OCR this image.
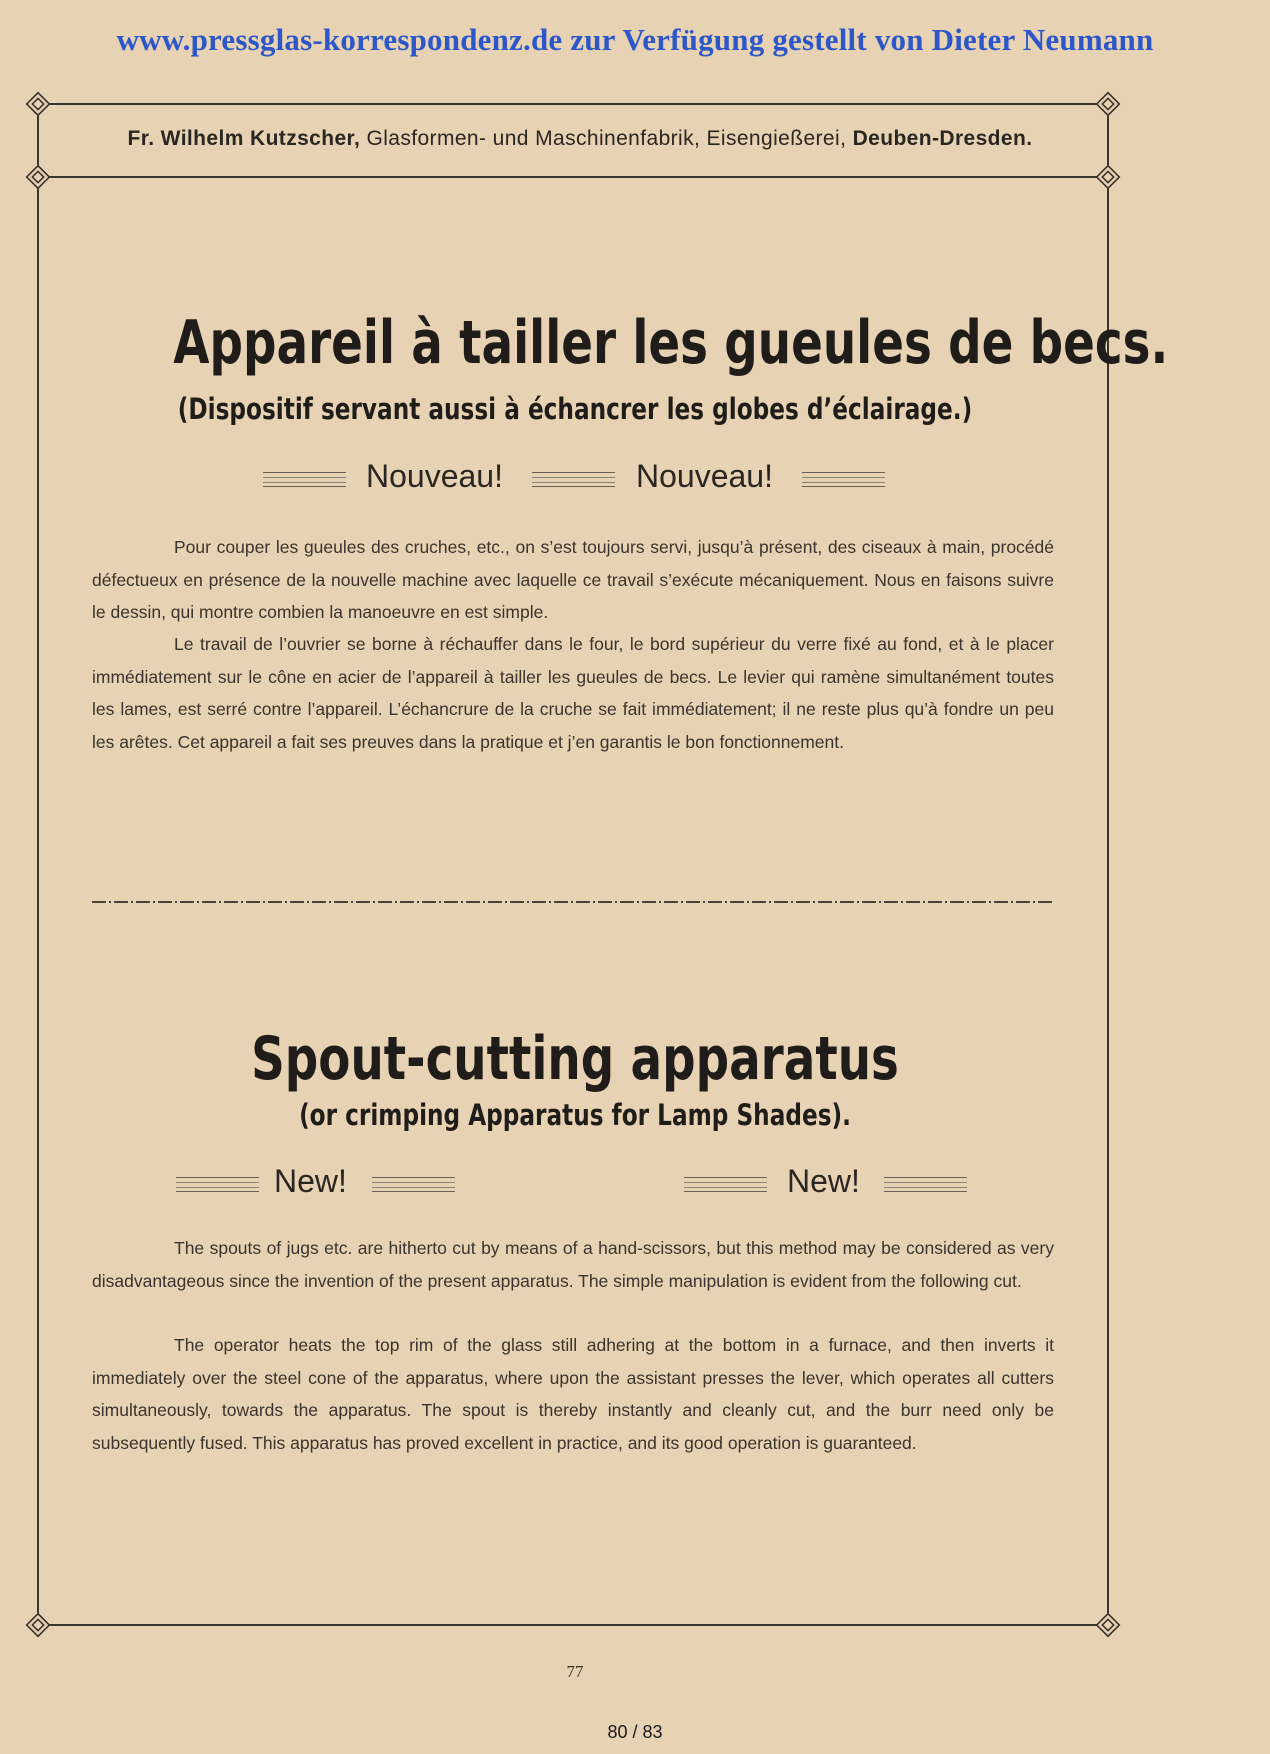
www.pressglas-korrespondenz.de zur Verfügung gestellt von Dieter Neumann
Fr. Wilhelm Kutzscher, Glasformen- und Maschinenfabrik, Eisengießerei, Deuben-Dresden.
Appareil à tailler les gueules de becs.
(Dispositif servant aussi à échancrer les globes d’éclairage.)
Nouveau!	Nouveau!

Pour couper les gueules des cruches, etc., on s’est toujours servi, jusqu’à présent, des ciseaux à main, procédé défectueux en présence de la nouvelle machine avec laquelle ce travail s’exécute mécaniquement. Nous en faisons suivre le dessin, qui montre combien la manoeuvre en est simple.

Le travail de l’ouvrier se borne à réchauffer dans le four, le bord supérieur du verre fixé au fond, et à le placer immédiatement sur le cône en acier de l’appareil à tailler les gueules de becs. Le levier qui ramène simultanément toutes les lames, est serré contre l’appareil. L’échancrure de la cruche se fait immédiatement; il ne reste plus qu’à fondre un peu les arêtes. Cet appareil a fait ses preuves dans la pratique et j’en garantis le bon fonctionnement.

Spout-cutting apparatus
(or crimping Apparatus for Lamp Shades).
New!	New!

The spouts of jugs etc. are hitherto cut by means of a hand-scissors, but this method may be considered as very disadvantageous since the invention of the present apparatus. The simple manipulation is evident from the following cut.

The operator heats the top rim of the glass still adhering at the bottom in a furnace, and then inverts it immediately over the steel cone of the apparatus, where upon the assistant presses the lever, which operates all cutters simultaneously, towards the apparatus. The spout is thereby instantly and cleanly cut, and the burr need only be subsequently fused. This apparatus has proved excellent in practice, and its good operation is guaranteed.

77
80 / 83
